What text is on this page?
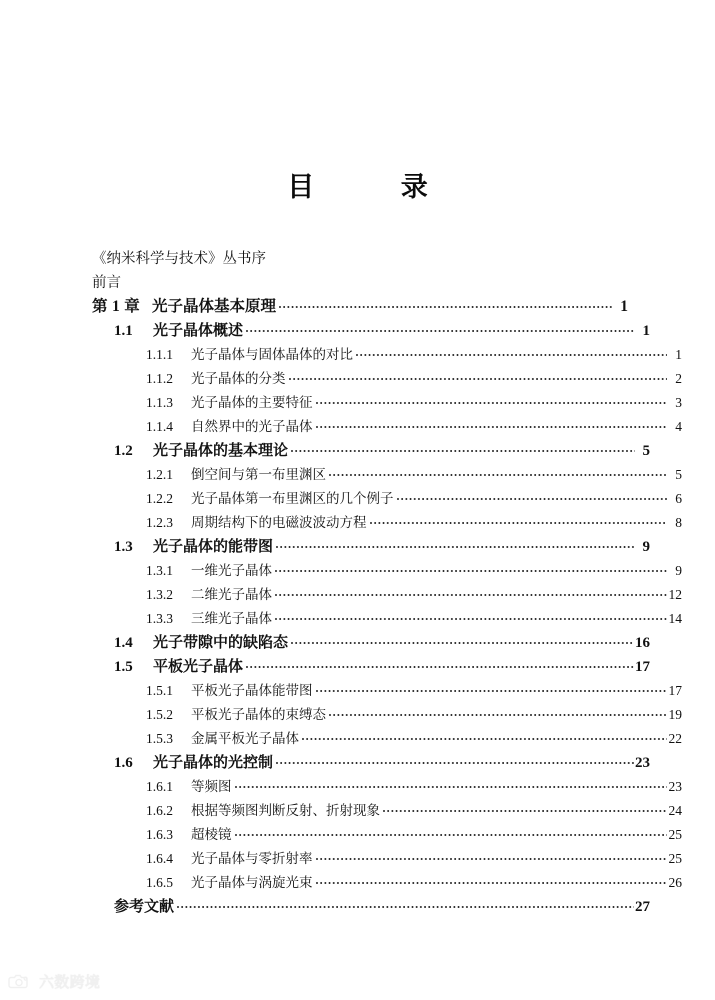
目　　录
《纳米科学与技术》丛书序
前言
第 1 章 光子晶体基本原理	1
1.1	光子晶体概述	1
1.1.1	光子晶体与固体晶体的对比	1
1.1.2	光子晶体的分类	2
1.1.3	光子晶体的主要特征	3
1.1.4	自然界中的光子晶体	4
1.2	光子晶体的基本理论	5
1.2.1	倒空间与第一布里渊区	5
1.2.2	光子晶体第一布里渊区的几个例子	6
1.2.3	周期结构下的电磁波波动方程	8
1.3	光子晶体的能带图	9
1.3.1	一维光子晶体	9
1.3.2	二维光子晶体	12
1.3.3	三维光子晶体	14
1.4	光子带隙中的缺陷态	16
1.5	平板光子晶体	17
1.5.1	平板光子晶体能带图	17
1.5.2	平板光子晶体的束缚态	19
1.5.3	金属平板光子晶体	22
1.6	光子晶体的光控制	23
1.6.1	等频图	23
1.6.2	根据等频图判断反射、折射现象	24
1.6.3	超棱镜	25
1.6.4	光子晶体与零折射率	25
1.6.5	光子晶体与涡旋光束	26
参考文献	27
六数跨境
